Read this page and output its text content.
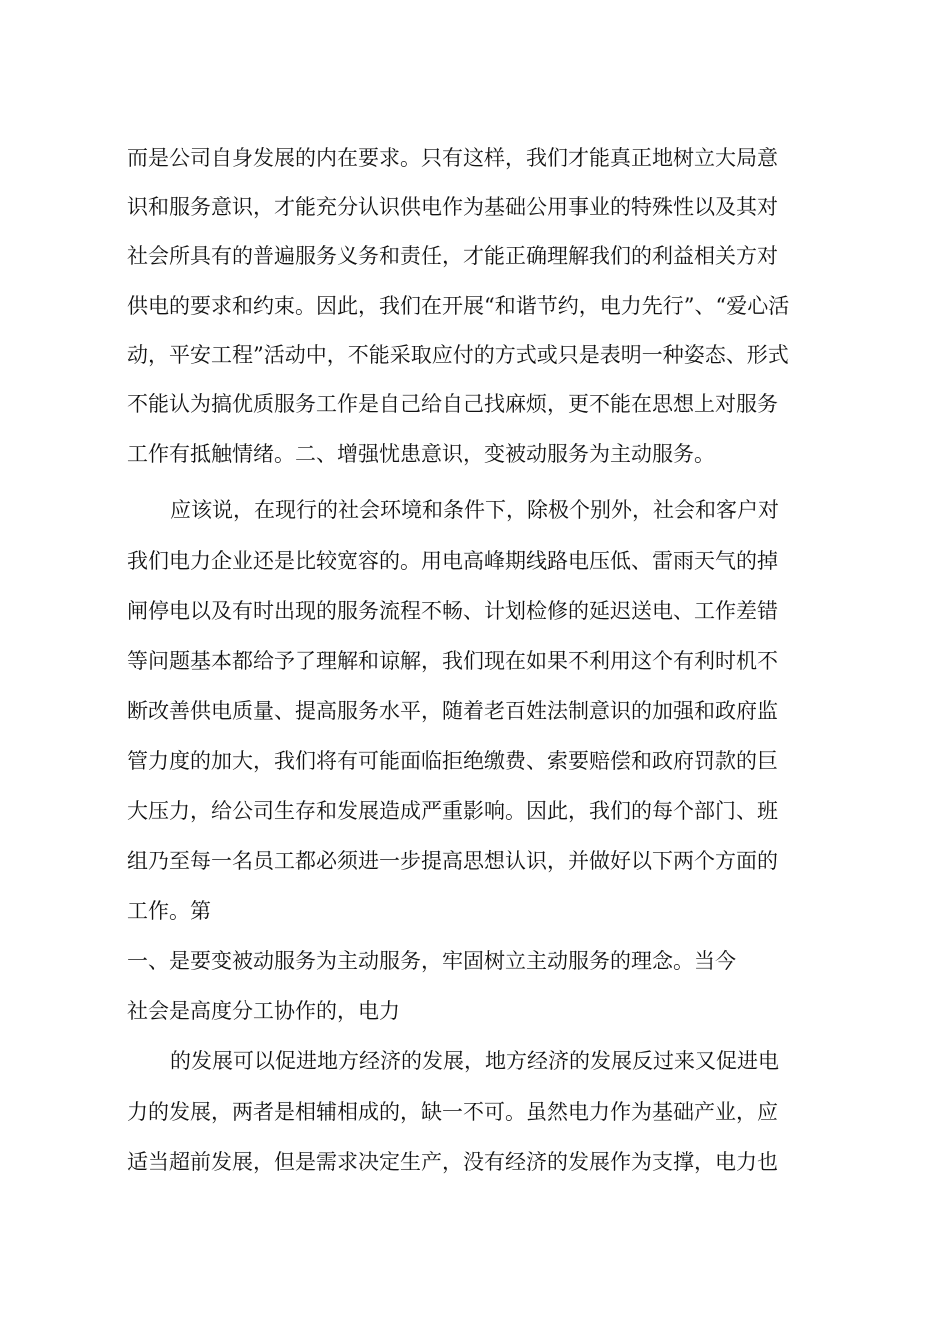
而是公司自身发展的内在要求。只有这样，我们才能真正地树立大局意
识和服务意识，才能充分认识供电作为基础公用事业的特殊性以及其对
社会所具有的普遍服务义务和责任，才能正确理解我们的利益相关方对
供电的要求和约束。因此，我们在开展“和谐节约，电力先行”、“爱心活
动，平安工程”活动中，不能采取应付的方式或只是表明一种姿态、形式
不能认为搞优质服务工作是自己给自己找麻烦，更不能在思想上对服务
工作有抵触情绪。二、增强忧患意识，变被动服务为主动服务。
应该说，在现行的社会环境和条件下，除极个别外，社会和客户对
我们电力企业还是比较宽容的。用电高峰期线路电压低、雷雨天气的掉
闸停电以及有时出现的服务流程不畅、计划检修的延迟送电、工作差错
等问题基本都给予了理解和谅解，我们现在如果不利用这个有利时机不
断改善供电质量、提高服务水平，随着老百姓法制意识的加强和政府监
管力度的加大，我们将有可能面临拒绝缴费、索要赔偿和政府罚款的巨
大压力，给公司生存和发展造成严重影响。因此，我们的每个部门、班
组乃至每一名员工都必须进一步提高思想认识，并做好以下两个方面的
工作。第
一、是要变被动服务为主动服务，牢固树立主动服务的理念。当今
社会是高度分工协作的，电力
的发展可以促进地方经济的发展，地方经济的发展反过来又促进电
力的发展，两者是相辅相成的，缺一不可。虽然电力作为基础产业，应
适当超前发展，但是需求决定生产，没有经济的发展作为支撑，电力也
